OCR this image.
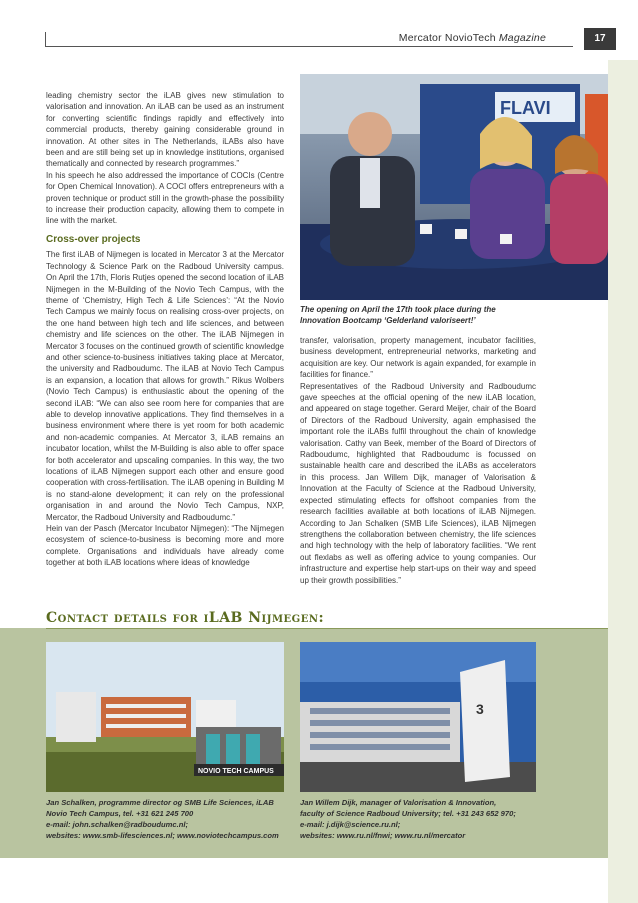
Mercator NovioTech Magazine	17

leading chemistry sector the iLAB gives new stimulation to valorisation and innovation. An iLAB can be used as an instrument for converting scientific findings rapidly and effectively into commercial products, thereby gaining considerable ground in innovation. At other sites in The Netherlands, iLABs also have been and are still being set up in knowledge institutions, organised thematically and connected by research programmes.”

In his speech he also addressed the importance of COCIs (Centre for Open Chemical Innovation). A COCI offers entrepreneurs with a proven technique or product still in the growth-phase the possibility to increase their production capacity, allowing them to compete in line with the market.

Cross-over projects

The first iLAB of Nijmegen is located in Mercator 3 at the Mercator Technology & Science Park on the Radboud University campus. On April the 17th, Floris Rutjes opened the second location of iLAB Nijmegen in the M-Building of the Novio Tech Campus, with the theme of ‘Chemistry, High Tech & Life Sciences’: “At the Novio Tech Campus we mainly focus on realising cross-over projects, on the one hand between high tech and life sciences, and between chemistry and life sciences on the other. The iLAB Nijmegen in Mercator 3 focuses on the continued growth of scientific knowledge and other science-to-business initiatives taking place at Mercator, the university and Radboudumc. The iLAB at Novio Tech Campus is an expansion, a location that allows for growth.” Rikus Wolbers (Novio Tech Campus) is enthusiastic about the opening of the second iLAB: “We can also see room here for companies that are able to develop innovative applications. They find themselves in a business environment where there is yet room for both academic and non-academic companies. At Mercator 3, iLAB remains an incubator location, whilst the M-Building is also able to offer space for both accelerator and upscaling companies. In this way, the two locations of iLAB Nijmegen support each other and ensure good cooperation with cross-fertilisation. The iLAB opening in Building M is no stand-alone development; it can rely on the professional organisation in and around the Novio Tech Campus, NXP, Mercator, the Radboud University and Radboudumc.”

Hein van der Pasch (Mercator Incubator Nijmegen): “The Nijmegen ecosystem of science-to-business is becoming more and more complete. Organisations and individuals have already come together at both iLAB locations where ideas of knowledge

FLAVI
The opening on April the 17th took place during the Innovation Bootcamp ‘Gelderland valoriseert!’

transfer, valorisation, property management, incubator facilities, business development, entrepreneurial networks, marketing and acquisition are key. Our network is again expanded, for example in facilities for finance.”

Representatives of the Radboud University and Radboudumc gave speeches at the official opening of the new iLAB location, and appeared on stage together. Gerard Meijer, chair of the Board of Directors of the Radboud University, again emphasised the important role the iLABs fulfil throughout the chain of knowledge valorisation. Cathy van Beek, member of the Board of Directors of Radboudumc, highlighted that Radboudumc is focussed on sustainable health care and described the iLABs as accelerators in this process. Jan Willem Dijk, manager of Valorisation & Innovation at the Faculty of Science at the Radboud University, expected stimulating effects for offshoot companies from the research facilities available at both locations of iLAB Nijmegen. According to Jan Schalken (SMB Life Sciences), iLAB Nijmegen strengthens the collaboration between chemistry, the life sciences and high technology with the help of laboratory facilities. “We rent out flexlabs as well as offering advice to young companies. Our infrastructure and expertise help start-ups on their way and speed up their growth possibilities.”

Contact details for iLAB Nijmegen:
NOVIO TECH CAMPUS
3
Jan Schalken, programme director og SMB Life Sciences, iLAB
Novio Tech Campus, tel. +31 621 245 700
e-mail: john.schalken@radboudumc.nl;
websites: www.smb-lifesciences.nl; www.noviotechcampus.com
Jan Willem Dijk, manager of Valorisation & Innovation,
faculty of Science Radboud University; tel. +31 243 652 970;
e-mail: j.dijk@science.ru.nl;
websites: www.ru.nl/fnwi; www.ru.nl/mercator
